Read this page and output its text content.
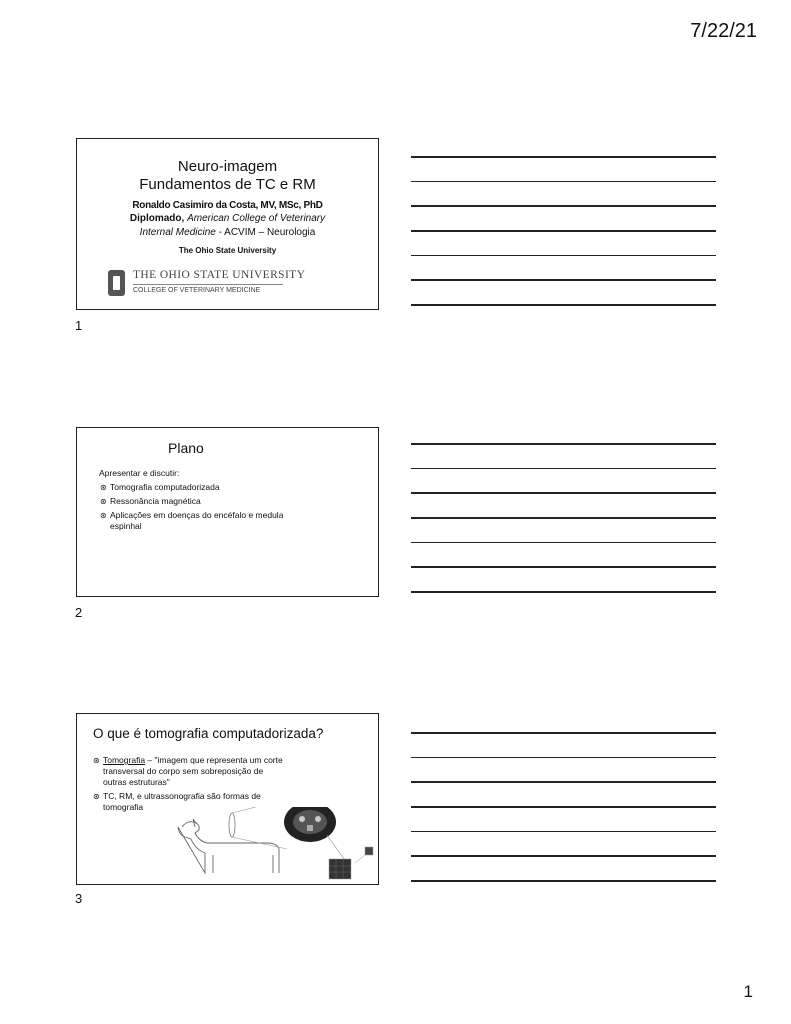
7/22/21
Neuro-imagem
Fundamentos de TC e RM
Ronaldo Casimiro da Costa, MV, MSc, PhD
Diplomado, American College of Veterinary
Internal Medicine - ACVIM – Neurologia
The Ohio State University
THE OHIO STATE UNIVERSITY
COLLEGE OF VETERINARY MEDICINE
1
Plano
Apresentar e discutir:
⊛ Tomografia computadorizada
⊛ Ressonância magnética
⊛ Aplicações em doenças do encéfalo e medula espinhal
2
O que é tomografia computadorizada?
⊛ Tomografia – "imagem que representa um corte transversal do corpo sem sobreposição de outras estruturas"
⊛ TC, RM, e ultrassonografia são formas de tomografia
.
3
1
